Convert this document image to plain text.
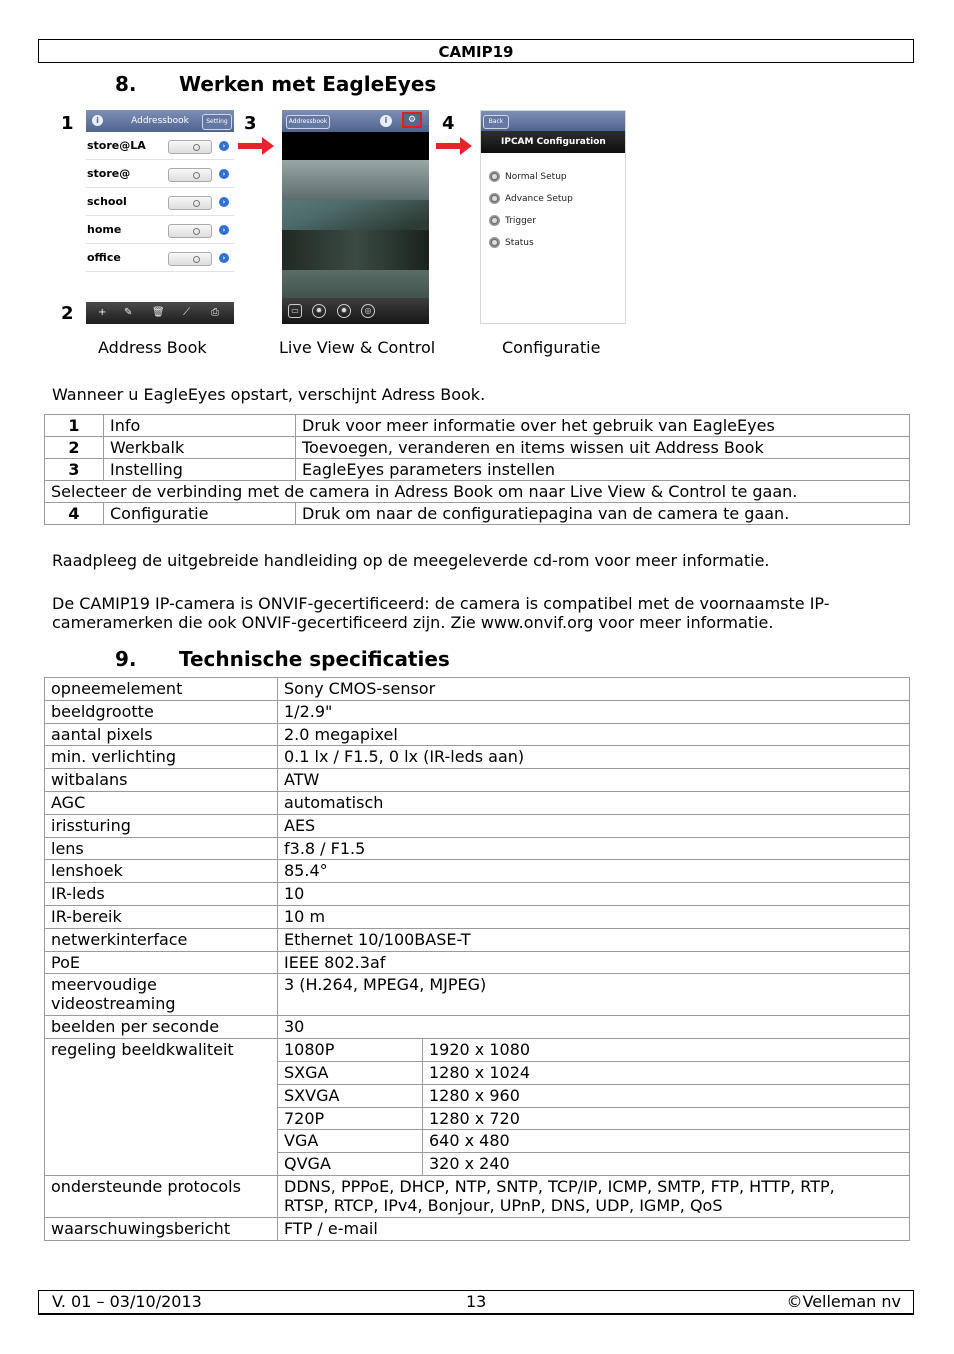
CAMIP19
8. Werken met EagleEyes
1
2
3	4
i	Addressbook	Setting
store@LA	›
store@	›
school	›
home	›
office	›
+ ✎ 🗑 ⟋ ⎙
Addressbook	i	⚙
▭	✹	✹	◎
Back
IPCAM Configuration
Normal Setup
Advance Setup
Trigger
Status
Address Book	Live View & Control	Configuratie
Wanneer u EagleEyes opstart, verschijnt Adress Book.
1	Info	Druk voor meer informatie over het gebruik van EagleEyes
2	Werkbalk	Toevoegen, veranderen en items wissen uit Address Book
3	Instelling	EagleEyes parameters instellen
Selecteer de verbinding met de camera in Adress Book om naar Live View & Control te gaan.		
4	Configuratie	Druk om naar de configuratiepagina van de camera te gaan.
Raadpleeg de uitgebreide handleiding op de meegeleverde cd-rom voor meer informatie.
De CAMIP19 IP-camera is ONVIF-gecertificeerd: de camera is compatibel met de voornaamste IP-
cameramerken die ook ONVIF-gecertificeerd zijn. Zie www.onvif.org voor meer informatie.
9. Technische specificaties
opneemelement	Sony CMOS-sensor	
beeldgrootte	1/2.9"	
aantal pixels	2.0 megapixel	
min. verlichting	0.1 lx / F1.5, 0 lx (IR-leds aan)	
witbalans	ATW	
AGC	automatisch	
irissturing	AES	
lens	f3.8 / F1.5	
lenshoek	85.4°	
IR-leds	10	
IR-bereik	10 m	
netwerkinterface	Ethernet 10/100BASE-T	
PoE	IEEE 802.3af	

meervoudige
videostreaming	3 (H.264, MPEG4, MJPEG)	
beelden per seconde	30	
regeling beeldkwaliteit	1080P	1920 x 1080
	SXGA	1280 x 1024
	SXVGA	1280 x 960
	720P	1280 x 720
	VGA	640 x 480
	QVGA	320 x 240
ondersteunde protocols	DDNS, PPPoE, DHCP, NTP, SNTP, TCP/IP, ICMP, SMTP, FTP, HTTP, RTP,
RTSP, RTCP, IPv4, Bonjour, UPnP, DNS, UDP, IGMP, QoS	

waarschuwingsbericht	FTP / e-mail	
V. 01 – 03/10/2013	13	©Velleman nv
